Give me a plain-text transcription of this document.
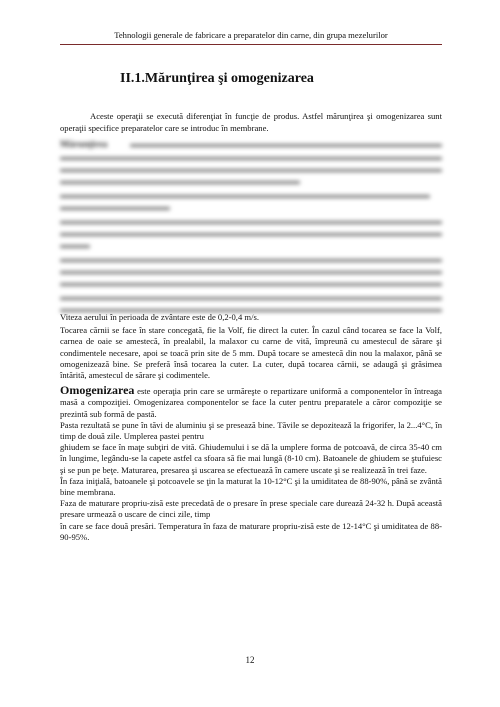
Tehnologii generale de fabricare a preparatelor din carne, din grupa mezelurilor
II.1.Mărunţirea şi omogenizarea

Aceste operaţii se execută diferenţiat în funcţie de produs. Astfel mărunţirea şi omogenizarea sunt operaţii specifice preparatelor care se introduc în membrane.

Mărunţirea

Viteza aerului în perioada de zvântare este de 0,2-0,4 m/s.

Tocarea cărnii se face în stare concegată, fie la Volf, fie direct la cuter. În cazul când tocarea se face la Volf, carnea de oaie se amestecă, în prealabil, la malaxor cu carne de vită, împreună cu amestecul de sărare şi condimentele necesare, apoi se toacă prin site de 5 mm. După tocare se amestecă din nou la malaxor, până se omogenizează bine. Se preferă însă tocarea la cuter. La cuter, după tocarea cărnii, se adaugă şi grăsimea întărită, amestecul de sărare şi codimentele.

Omogenizarea este operaţia prin care se urmăreşte o repartizare uniformă a componentelor în întreaga masă a compoziţiei. Omogenizarea componentelor se face la cuter pentru preparatele a căror compoziţie se prezintă sub formă de pastă.

Pasta rezultată se pune în tăvi de aluminiu şi se presează bine. Tăvile se depoziteazǎ la frigorifer, la 2...4°C, în timp de două zile. Umplerea pastei pentru

ghiudem se face în maţe subţiri de vită. Ghiudemului i se dă la umplere forma de potcoavă, de circa 35-40 cm în lungime, legându-se la capete astfel ca sfoara să fie mai lungă (8-10 cm). Batoanele de ghiudem se ştufuiesc şi se pun pe beţe. Maturarea, presarea şi uscarea se efectuează în camere uscate şi se realizează în trei faze.

În faza iniţială, batoanele şi potcoavele se ţin la maturat la 10-12°C şi la umiditatea de 88-90%, până se zvântă bine membrana.

Faza de maturare propriu-zisă este precedată de o presare în prese speciale care durează 24-32 h. După această presare urmează o uscare de cinci zile, timp

în care se face două presări. Temperatura în faza de maturare propriu-zisă este de 12-14°C şi umiditatea de 88-90-95%.

12
